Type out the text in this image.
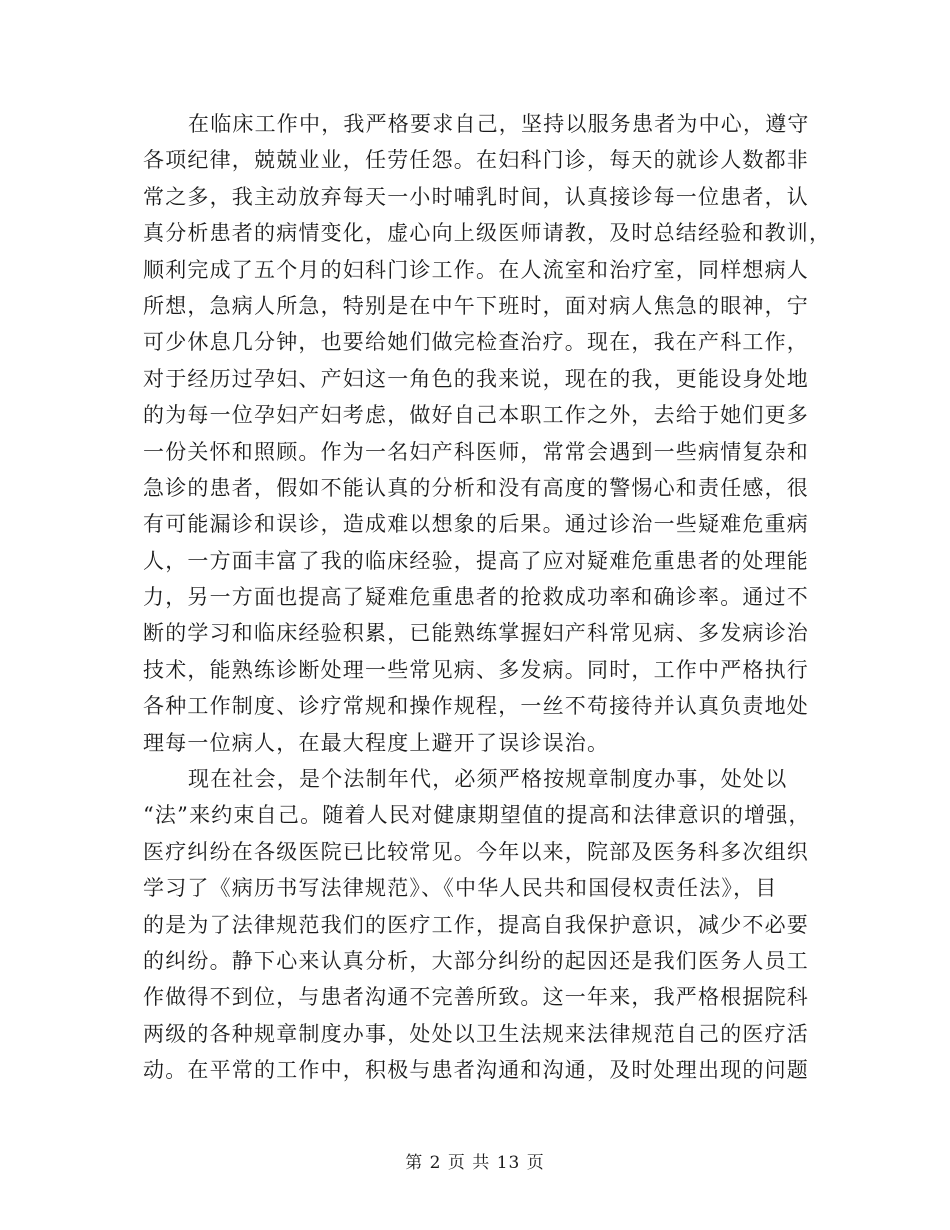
在临床工作中，我严格要求自己，坚持以服务患者为中心，遵守
各项纪律，兢兢业业，任劳任怨。在妇科门诊，每天的就诊人数都非
常之多，我主动放弃每天一小时哺乳时间，认真接诊每一位患者，认
真分析患者的病情变化，虚心向上级医师请教，及时总结经验和教训，
顺利完成了五个月的妇科门诊工作。在人流室和治疗室，同样想病人
所想，急病人所急，特别是在中午下班时，面对病人焦急的眼神，宁
可少休息几分钟，也要给她们做完检查治疗。现在，我在产科工作，
对于经历过孕妇、产妇这一角色的我来说，现在的我，更能设身处地
的为每一位孕妇产妇考虑，做好自己本职工作之外，去给于她们更多
一份关怀和照顾。作为一名妇产科医师，常常会遇到一些病情复杂和
急诊的患者，假如不能认真的分析和没有高度的警惕心和责任感，很
有可能漏诊和误诊，造成难以想象的后果。通过诊治一些疑难危重病
人，一方面丰富了我的临床经验，提高了应对疑难危重患者的处理能
力，另一方面也提高了疑难危重患者的抢救成功率和确诊率。通过不
断的学习和临床经验积累，已能熟练掌握妇产科常见病、多发病诊治
技术，能熟练诊断处理一些常见病、多发病。同时，工作中严格执行
各种工作制度、诊疗常规和操作规程，一丝不苟接待并认真负责地处
理每一位病人，在最大程度上避开了误诊误治。
现在社会，是个法制年代，必须严格按规章制度办事，处处以
“法”来约束自己。随着人民对健康期望值的提高和法律意识的增强，
医疗纠纷在各级医院已比较常见。今年以来，院部及医务科多次组织
学习了《病历书写法律规范》、《中华人民共和国侵权责任法》，目
的是为了法律规范我们的医疗工作，提高自我保护意识，减少不必要
的纠纷。静下心来认真分析，大部分纠纷的起因还是我们医务人员工
作做得不到位，与患者沟通不完善所致。这一年来，我严格根据院科
两级的各种规章制度办事，处处以卫生法规来法律规范自己的医疗活
动。在平常的工作中，积极与患者沟通和沟通，及时处理出现的问题
第 2 页 共 13 页
